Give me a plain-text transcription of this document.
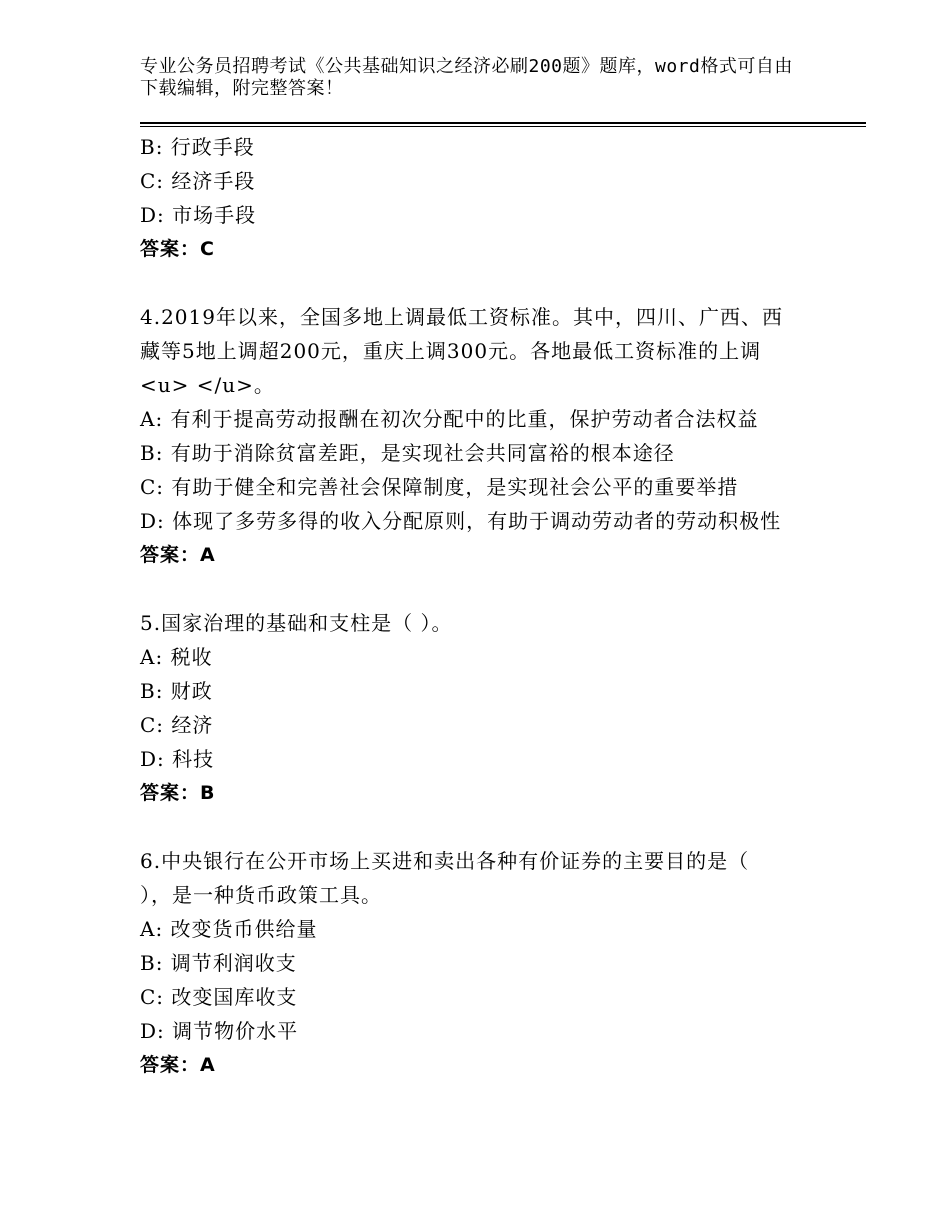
专业公务员招聘考试《公共基础知识之经济必刷200题》题库，word格式可自由
下载编辑，附完整答案！
B: 行政手段
C: 经济手段
D: 市场手段
答案：C
4.2019年以来，全国多地上调最低工资标准。其中，四川、广西、西
藏等5地上调超200元，重庆上调300元。各地最低工资标准的上调
<u> </u>。
A: 有利于提高劳动报酬在初次分配中的比重，保护劳动者合法权益
B: 有助于消除贫富差距，是实现社会共同富裕的根本途径
C: 有助于健全和完善社会保障制度，是实现社会公平的重要举措
D: 体现了多劳多得的收入分配原则，有助于调动劳动者的劳动积极性
答案：A
5.国家治理的基础和支柱是（ ）。
A: 税收
B: 财政
C: 经济
D: 科技
答案：B
6.中央银行在公开市场上买进和卖出各种有价证券的主要目的是（
），是一种货币政策工具。
A: 改变货币供给量
B: 调节利润收支
C: 改变国库收支
D: 调节物价水平
答案：A
